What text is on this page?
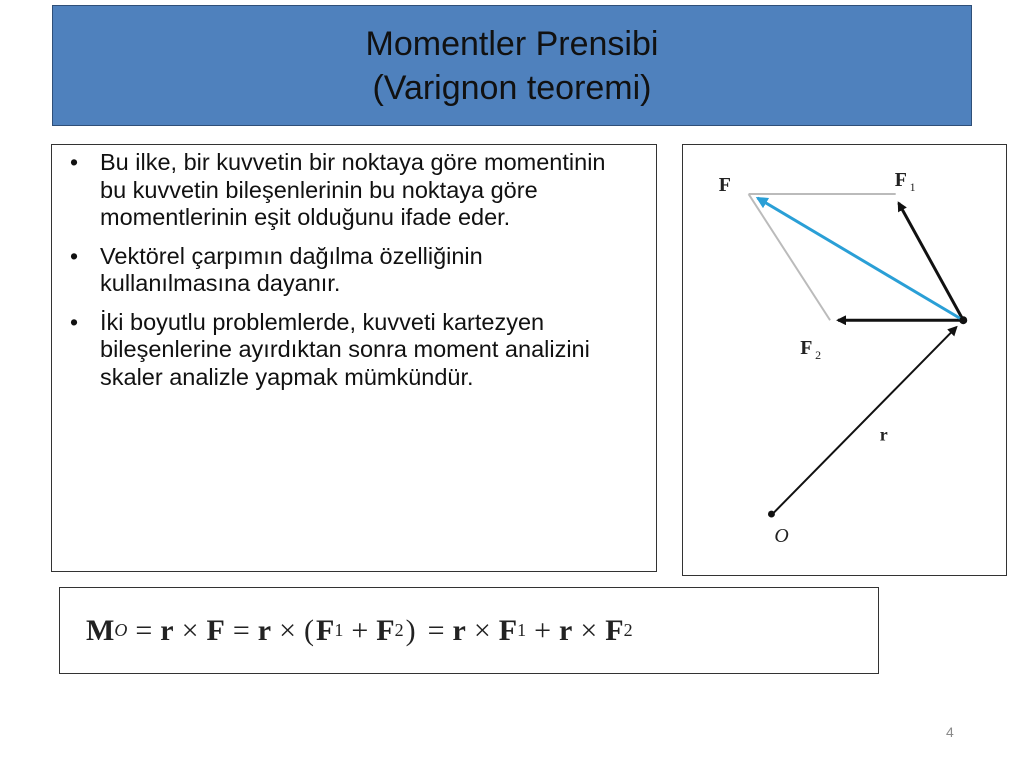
Momentler Prensibi
(Varignon teoremi)
• Bu ilke, bir kuvvetin bir noktaya göre momentinin bu kuvvetin bileşenlerinin bu noktaya göre momentlerinin eşit olduğunu ifade eder.
• Vektörel çarpımın dağılma özelliğinin kullanılmasına dayanır.
• İki boyutlu problemlerde, kuvveti kartezyen bileşenlerine ayırdıktan sonra moment analizini skaler analizle yapmak mümkündür.
F	F 1
F 2
r
O
M O = r × F = r × ( F 1 + F 2 ) = r × F 1 + r × F 2
4
